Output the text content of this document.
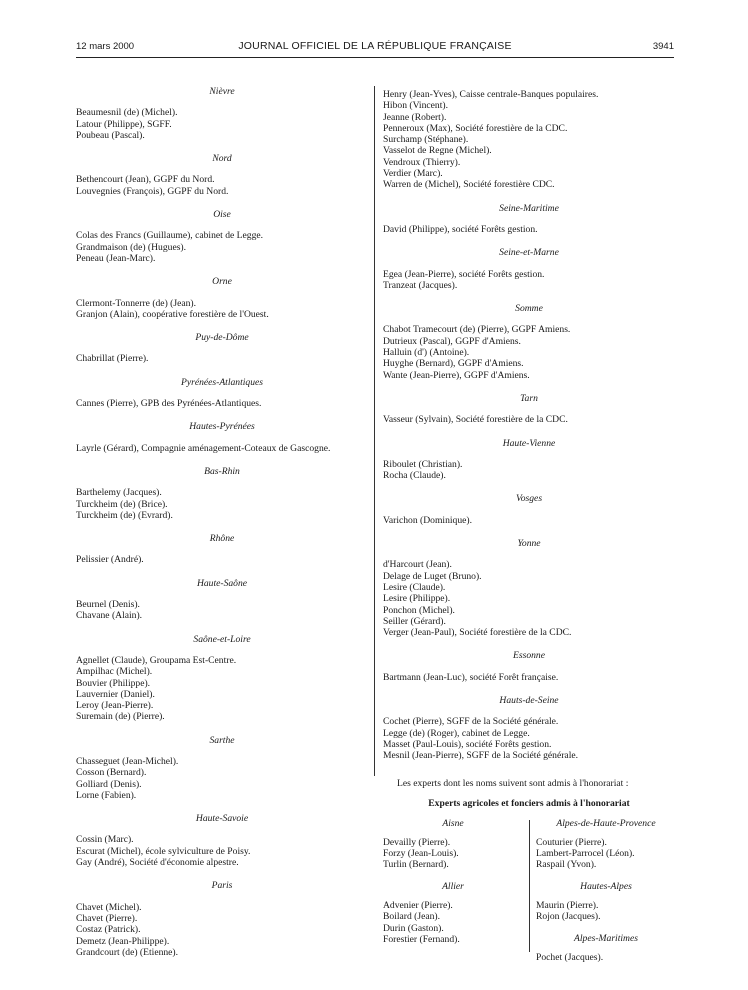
12 mars 2000	JOURNAL OFFICIEL DE LA RÉPUBLIQUE FRANÇAISE	3941

Nièvre

Beaumesnil (de) (Michel).
Latour (Philippe), SGFF.
Poubeau (Pascal).

Nord

Bethencourt (Jean), GGPF du Nord.
Louvegnies (François), GGPF du Nord.

Oise

Colas des Francs (Guillaume), cabinet de Legge.
Grandmaison (de) (Hugues).
Peneau (Jean-Marc).

Orne

Clermont-Tonnerre (de) (Jean).
Granjon (Alain), coopérative forestière de l'Ouest.

Puy-de-Dôme

Chabrillat (Pierre).

Pyrénées-Atlantiques

Cannes (Pierre), GPB des Pyrénées-Atlantiques.

Hautes-Pyrénées

Layrle (Gérard), Compagnie aménagement-Coteaux de Gascogne.

Bas-Rhin

Barthelemy (Jacques).
Turckheim (de) (Brice).
Turckheim (de) (Evrard).

Rhône

Pelissier (André).

Haute-Saône

Beurnel (Denis).
Chavane (Alain).

Saône-et-Loire

Agnellet (Claude), Groupama Est-Centre.
Ampilhac (Michel).
Bouvier (Philippe).
Lauvernier (Daniel).
Leroy (Jean-Pierre).
Suremain (de) (Pierre).

Sarthe

Chasseguet (Jean-Michel).
Cosson (Bernard).
Golliard (Denis).
Lorne (Fabien).

Haute-Savoie

Cossin (Marc).
Escurat (Michel), école sylviculture de Poisy.
Gay (André), Société d'économie alpestre.

Paris

Chavet (Michel).
Chavet (Pierre).
Costaz (Patrick).
Demetz (Jean-Philippe).
Grandcourt (de) (Etienne).
Henry (Jean-Yves), Caisse centrale-Banques populaires.
Hibon (Vincent).
Jeanne (Robert).
Penneroux (Max), Société forestière de la CDC.
Surchamp (Stéphane).
Vasselot de Regne (Michel).
Vendroux (Thierry).
Verdier (Marc).
Warren de (Michel), Société forestière CDC.

Seine-Maritime

David (Philippe), société Forêts gestion.

Seine-et-Marne

Egea (Jean-Pierre), société Forêts gestion.
Tranzeat (Jacques).

Somme

Chabot Tramecourt (de) (Pierre), GGPF Amiens.
Dutrieux (Pascal), GGPF d'Amiens.
Halluin (d') (Antoine).
Huyghe (Bernard), GGPF d'Amiens.
Wante (Jean-Pierre), GGPF d'Amiens.

Tarn

Vasseur (Sylvain), Société forestière de la CDC.

Haute-Vienne

Riboulet (Christian).
Rocha (Claude).

Vosges

Varichon (Dominique).

Yonne

d'Harcourt (Jean).
Delage de Luget (Bruno).
Lesire (Claude).
Lesire (Philippe).
Ponchon (Michel).
Seiller (Gérard).
Verger (Jean-Paul), Société forestière de la CDC.

Essonne

Bartmann (Jean-Luc), société Forêt française.

Hauts-de-Seine

Cochet (Pierre), SGFF de la Société générale.
Legge (de) (Roger), cabinet de Legge.
Masset (Paul-Louis), société Forêts gestion.
Mesnil (Jean-Pierre), SGFF de la Société générale.

Les experts dont les noms suivent sont admis à l'honorariat :

Experts agricoles et fonciers admis à l'honorariat

Aisne

Devailly (Pierre).
Forzy (Jean-Louis).
Turlin (Bernard).

Allier

Advenier (Pierre).
Boilard (Jean).
Durin (Gaston).
Forestier (Fernand).

Alpes-de-Haute-Provence

Couturier (Pierre).
Lambert-Parrocel (Léon).
Raspail (Yvon).

Hautes-Alpes

Maurin (Pierre).
Rojon (Jacques).

Alpes-Maritimes

Pochet (Jacques).
